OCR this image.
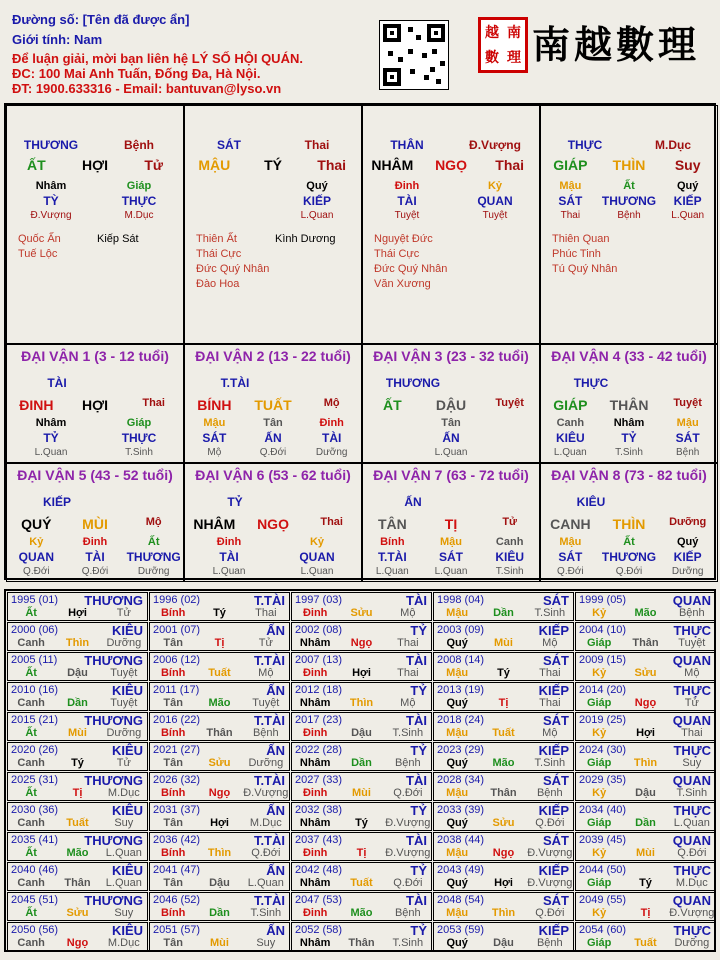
Đường số: [Tên đã được ẩn]
Giới tính: Nam
Để luận giải, mời bạn liên hệ LÝ SỐ HỘI QUÁN.
ĐC: 100 Mai Anh Tuấn, Đống Đa, Hà Nội.
ĐT: 1900.633316 - Email: bantuvan@lyso.vn
越 南
數 理 南越數理
THƯƠNG	Bệnh
ẤT	HỢI	Tử
Nhâm	Giáp
TỲ	THỰC
Đ.Vượng	M.Dục
Quốc Ấn
Tuế Lộc
Kiếp Sát
SÁT	Thai
MẬU	TÝ	Thai
Quý
KIẾP
L.Quan
Thiên Ất
Thái Cực
Đức Quý Nhân
Đào Hoa
Kình Dương
THÂN	Đ.Vượng
NHÂM	NGỌ	Thai
Đinh	Kỷ
TÀI	QUAN
Tuyệt	Tuyệt
Nguyệt Đức
Thái Cực
Đức Quý Nhân
Văn Xương
THỰC	M.Dục
GIÁP	THÌN	Suy
Mậu	Ất	Quý
SÁT	THƯƠNG	KIẾP
Thai	Bệnh	L.Quan
Thiên Quan
Phúc Tinh
Tú Quý Nhân
ĐẠI VẬN 1 (3 - 12 tuổi)
TÀI
ĐINH	HỢI	Thai
Nhâm	Giáp
TỶ	THỰC
L.Quan	T.Sinh
ĐẠI VẬN 2 (13 - 22 tuổi)
T.TÀI
BÍNH	TUẤT	Mộ
Mậu	Tân	Đinh
SÁT	ẤN	TÀI
Mộ	Q.Đới	Dưỡng
ĐẠI VẬN 3 (23 - 32 tuổi)
THƯƠNG
ẤT	DẬU	Tuyệt
Tân
ẤN
L.Quan
ĐẠI VẬN 4 (33 - 42 tuổi)
THỰC
GIÁP	THÂN	Tuyệt
Canh	Nhâm	Mậu
KIÊU	TỶ	SÁT
L.Quan	T.Sinh	Bệnh
ĐẠI VẬN 5 (43 - 52 tuổi)
KIẾP
QUÝ	MÙI	Mộ
Kỷ	Đinh	Ất
QUAN	TÀI	THƯƠNG
Q.Đới	Q.Đới	Dưỡng
ĐẠI VẬN 6 (53 - 62 tuổi)
TỶ
NHÂM	NGỌ	Thai
Đinh	Kỷ
TÀI	QUAN
L.Quan	L.Quan
ĐẠI VẬN 7 (63 - 72 tuổi)
ẤN
TÂN	TỊ	Tử
Bính	Mậu	Canh
T.TÀI	SÁT	KIÊU
L.Quan	L.Quan	T.Sinh
ĐẠI VẬN 8 (73 - 82 tuổi)
KIÊU
CANH	THÌN	Dưỡng
Mậu	Ất	Quý
SÁT	THƯƠNG	KIẾP
Q.Đới	Q.Đới	Dưỡng
1995 (01) THƯƠNG
Ất	Hợi	Tử
1996 (02)	T.TÀI
Bính	Tý	Thai
1997 (03)	TÀI
Đinh	Sửu	Mộ
1998 (04)	SÁT
Mậu	Dần	T.Sinh
1999 (05)	QUAN
Kỷ	Mão	Bệnh
2000 (06)	KIÊU
Canh	Thìn	Dưỡng
2001 (07)	ẤN
Tân	Tị	Tử
2002 (08)	TỶ
Nhâm	Ngọ	Thai
2003 (09)	KIẾP
Quý	Mùi	Mộ
2004 (10)	THỰC
Giáp	Thân	Tuyệt
2005 (11) THƯƠNG
Ất	Dậu	Tuyệt
2006 (12)	T.TÀI
Bính	Tuất	Mộ
2007 (13)	TÀI
Đinh	Hợi	Thai
2008 (14)	SÁT
Mậu	Tý	Thai
2009 (15)	QUAN
Kỷ	Sửu	Mộ
2010 (16)	KIÊU
Canh	Dần	Tuyệt
2011 (17)	ẤN
Tân	Mão	Tuyệt
2012 (18)	TỶ
Nhâm	Thìn	Mộ
2013 (19)	KIẾP
Quý	Tị	Thai
2014 (20)	THỰC
Giáp	Ngọ	Tử
2015 (21) THƯƠNG
Ất	Mùi	Dưỡng
2016 (22)	T.TÀI
Bính	Thân	Bệnh
2017 (23)	TÀI
Đinh	Dậu	T.Sinh
2018 (24)	SÁT
Mậu	Tuất	Mộ
2019 (25)	QUAN
Kỷ	Hợi	Thai
2020 (26)	KIÊU
Canh	Tý	Tử
2021 (27)	ẤN
Tân	Sửu	Dưỡng
2022 (28)	TỶ
Nhâm	Dần	Bệnh
2023 (29)	KIẾP
Quý	Mão	T.Sinh
2024 (30)	THỰC
Giáp	Thìn	Suy
2025 (31) THƯƠNG
Ất	Tị	M.Dục
2026 (32)	T.TÀI
Bính	Ngọ	Đ.Vượng
2027 (33)	TÀI
Đinh	Mùi	Q.Đới
2028 (34)	SÁT
Mậu	Thân	Bệnh
2029 (35)	QUAN
Kỷ	Dậu	T.Sinh
2030 (36)	KIÊU
Canh	Tuất	Suy
2031 (37)	ẤN
Tân	Hợi	M.Dục
2032 (38)	TỶ
Nhâm	Tý	Đ.Vượng
2033 (39)	KIẾP
Quý	Sửu	Q.Đới
2034 (40)	THỰC
Giáp	Dần	L.Quan
2035 (41) THƯƠNG
Ất	Mão	L.Quan
2036 (42)	T.TÀI
Bính	Thìn	Q.Đới
2037 (43)	TÀI
Đinh	Tị	Đ.Vượng
2038 (44)	SÁT
Mậu	Ngọ	Đ.Vượng
2039 (45)	QUAN
Kỷ	Mùi	Q.Đới
2040 (46)	KIÊU
Canh	Thân	L.Quan
2041 (47)	ẤN
Tân	Dậu	L.Quan
2042 (48)	TỶ
Nhâm	Tuất	Q.Đới
2043 (49)	KIẾP
Quý	Hợi	Đ.Vượng
2044 (50)	THỰC
Giáp	Tý	M.Dục
2045 (51) THƯƠNG
Ất	Sửu	Suy
2046 (52)	T.TÀI
Bính	Dần	T.Sinh
2047 (53)	TÀI
Đinh	Mão	Bệnh
2048 (54)	SÁT
Mậu	Thìn	Q.Đới
2049 (55)	QUAN
Kỷ	Tị	Đ.Vượng
2050 (56)	KIÊU
Canh	Ngọ	M.Dục
2051 (57)	ẤN
Tân	Mùi	Suy
2052 (58)	TỶ
Nhâm	Thân	T.Sinh
2053 (59)	KIẾP
Quý	Dậu	Bệnh
2054 (60)	THỰC
Giáp	Tuất	Dưỡng
